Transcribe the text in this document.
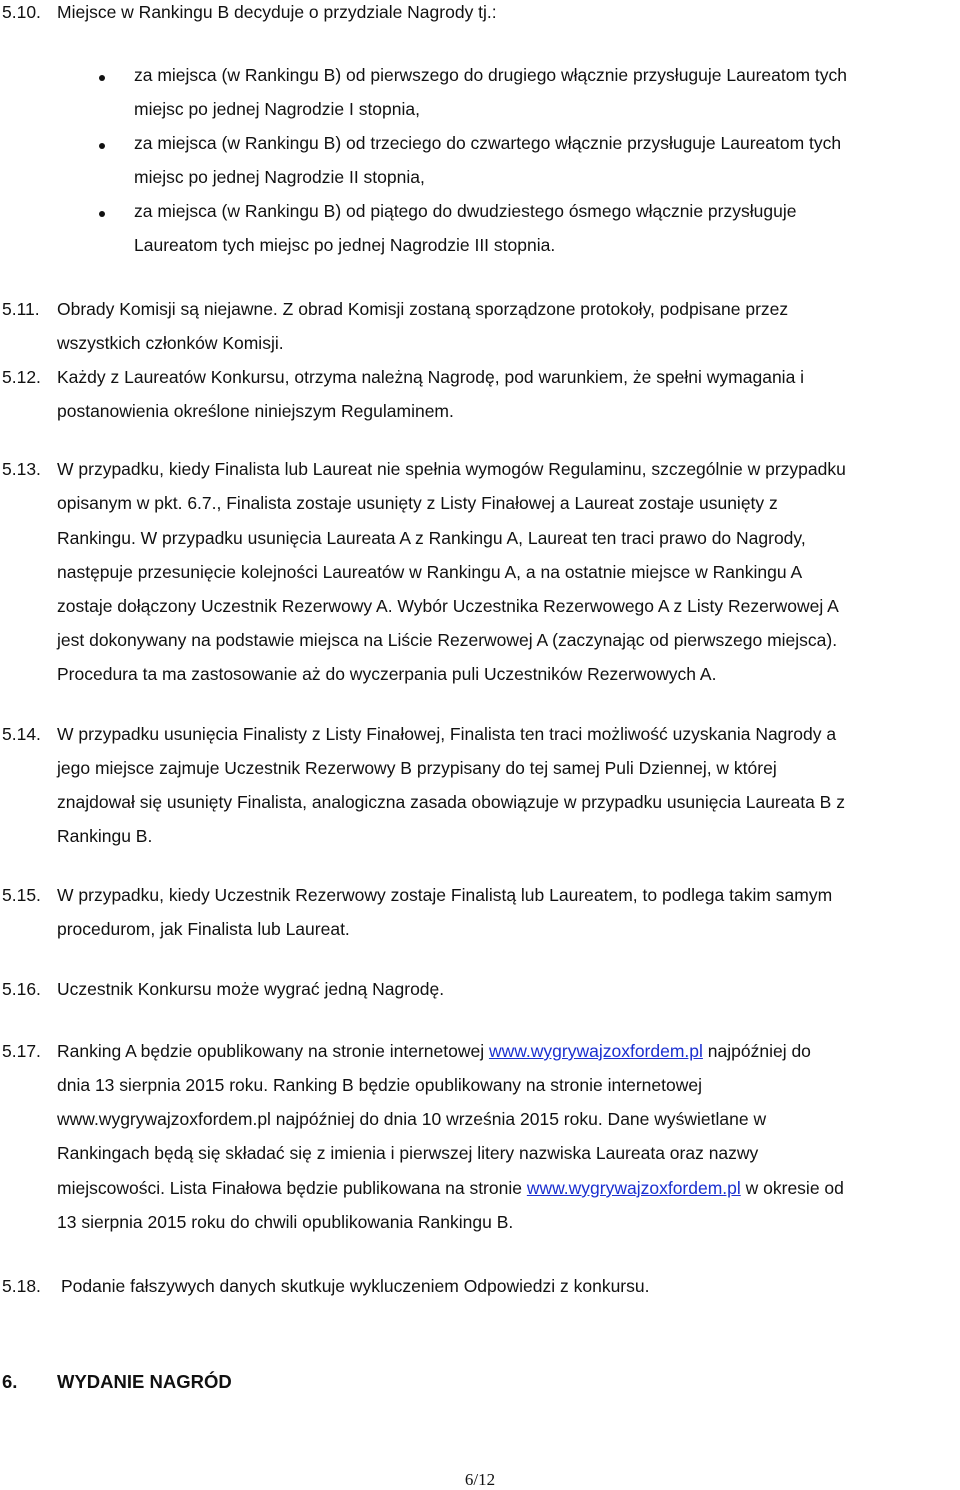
5.10. Miejsce w Rankingu B decyduje o przydziale Nagrody tj.:
za miejsca (w Rankingu B) od pierwszego do drugiego włącznie przysługuje Laureatom tych
miejsc po jednej Nagrodzie I stopnia,
za miejsca (w Rankingu B) od trzeciego do czwartego włącznie przysługuje Laureatom tych
miejsc po jednej Nagrodzie II stopnia,
za miejsca (w Rankingu B) od piątego do dwudziestego ósmego włącznie przysługuje
Laureatom tych miejsc po jednej Nagrodzie III stopnia.
5.11. Obrady Komisji są niejawne. Z obrad Komisji zostaną sporządzone protokoły, podpisane przez
wszystkich członków Komisji.
5.12. Każdy z Laureatów Konkursu, otrzyma należną Nagrodę, pod warunkiem, że spełni wymagania i
postanowienia określone niniejszym Regulaminem.
5.13. W przypadku, kiedy Finalista lub Laureat nie spełnia wymogów Regulaminu, szczególnie w przypadku
opisanym w pkt. 6.7., Finalista zostaje usunięty z Listy Finałowej a Laureat zostaje usunięty z
Rankingu. W przypadku usunięcia Laureata A z Rankingu A, Laureat ten traci prawo do Nagrody,
następuje przesunięcie kolejności Laureatów w Rankingu A, a na ostatnie miejsce w Rankingu A
zostaje dołączony Uczestnik Rezerwowy A. Wybór Uczestnika Rezerwowego A z Listy Rezerwowej A
jest dokonywany na podstawie miejsca na Liście Rezerwowej A (zaczynając od pierwszego miejsca).
Procedura ta ma zastosowanie aż do wyczerpania puli Uczestników Rezerwowych A.
5.14. W przypadku usunięcia Finalisty z Listy Finałowej, Finalista ten traci możliwość uzyskania Nagrody a
jego miejsce zajmuje Uczestnik Rezerwowy B przypisany do tej samej Puli Dziennej, w której
znajdował się usunięty Finalista, analogiczna zasada obowiązuje w przypadku usunięcia Laureata B z
Rankingu B.
5.15. W przypadku, kiedy Uczestnik Rezerwowy zostaje Finalistą lub Laureatem, to podlega takim samym
procedurom, jak Finalista lub Laureat.
5.16. Uczestnik Konkursu może wygrać jedną Nagrodę.
5.17. Ranking A będzie opublikowany na stronie internetowej www.wygrywajzoxfordem.pl najpóźniej do
dnia 13 sierpnia 2015 roku. Ranking B będzie opublikowany na stronie internetowej
www.wygrywajzoxfordem.pl najpóźniej do dnia 10 września 2015 roku. Dane wyświetlane w
Rankingach będą się składać się z imienia i pierwszej litery nazwiska Laureata oraz nazwy
miejscowości. Lista Finałowa będzie publikowana na stronie www.wygrywajzoxfordem.pl w okresie od
13 sierpnia 2015 roku do chwili opublikowania Rankingu B.
5.18. Podanie fałszywych danych skutkuje wykluczeniem Odpowiedzi z konkursu.
6. WYDANIE NAGRÓD
6/12
